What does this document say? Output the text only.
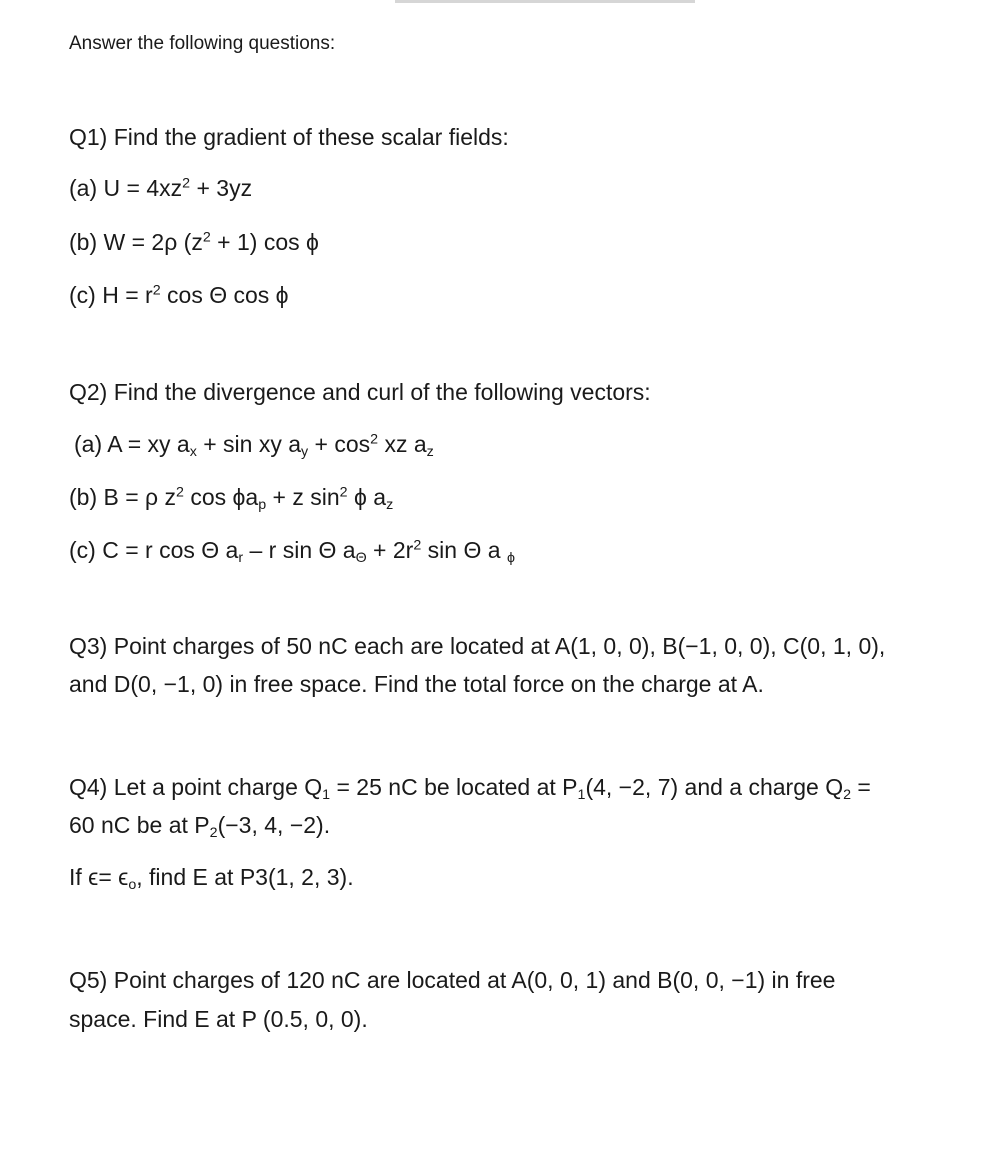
Answer the following questions:
Q1) Find the gradient of these scalar fields:
(a) $U = 4xz^2 + 3yz$
(b) W = 2ρ $(z^2 + 1)$ cos ϕ
(c) $H = r^2$ cos Θ cos ϕ
Q2) Find the divergence and curl of the following vectors:
(a) A = xy $a_x + \sin$ xy $a_y + \cos^2$ xz $a_z$
(b) B = ρ $z^2$ $\cos \phi a_p + z$ $\sin^2 \phi$ $a_z$
(c) C = r cos Θ $a_r$ – r sin Θ $a_\Theta + 2r^2$ sin Θ a $_\phi$
Q3) Point charges of 50 nC each are located at A(1, 0, 0), B(−1, 0, 0), C(0, 1, 0),
and D(0, −1, 0) in free space. Find the total force on the charge at A.
Q4) Let a point charge $Q_1 = 25$ nC be located at $P_1(4$, −2, 7) and a charge $Q_2$ =
60 nC be at $P_2(-3$, 4, −2).
If $\epsilon= \epsilon_o$, find E at P3(1, 2, 3).
Q5) Point charges of 120 nC are located at A(0, 0, 1) and B(0, 0, −1) in free
space. Find E at P (0.5, 0, 0).
